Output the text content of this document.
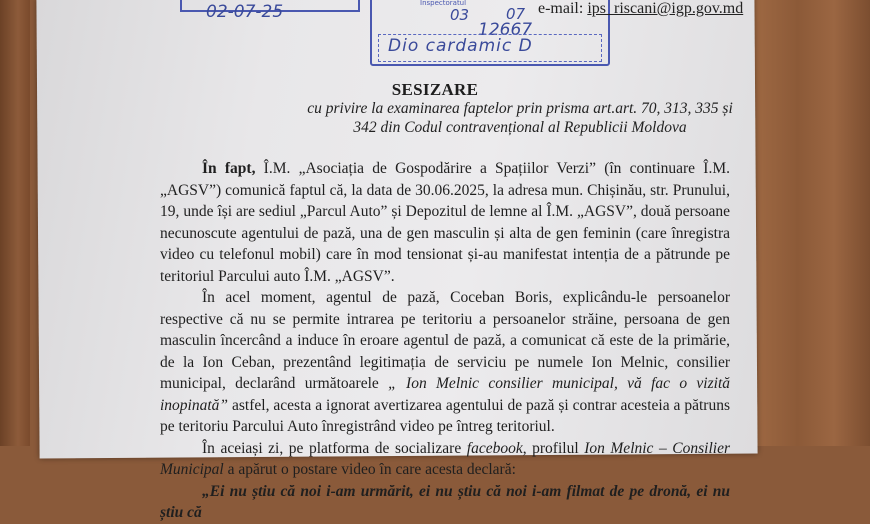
02-07-25	Inspectoratul
03 07
12667
Dio cardamic D
e-mail: ips_riscani@igp.gov.md
SESIZARE
cu privire la examinarea faptelor prin prisma art.art. 70, 313, 335 și 342 din Codul contravențional al Republicii Moldova

În fapt, Î.M. „Asociația de Gospodărire a Spațiilor Verzi” (în continuare Î.M. „AGSV”) comunică faptul că, la data de 30.06.2025, la adresa mun. Chișinău, str. Prunului, 19, unde își are sediul „Parcul Auto” și Depozitul de lemne al Î.M. „AGSV”, două persoane necunoscute agentului de pază, una de gen masculin și alta de gen feminin (care înregistra video cu telefonul mobil) care în mod tensionat și-au manifestat intenția de a pătrunde pe teritoriul Parcului auto Î.M. „AGSV”.

În acel moment, agentul de pază, Coceban Boris, explicându-le persoanelor respective că nu se permite intrarea pe teritoriu a persoanelor străine, persoana de gen masculin încercând a induce în eroare agentul de pază, a comunicat că este de la primărie, de la Ion Ceban, prezentând legitimația de serviciu pe numele Ion Melnic, consilier municipal, declarând următoarele „ Ion Melnic consilier municipal, vă fac o vizită inopinată” astfel, acesta a ignorat avertizarea agentului de pază și contrar acesteia a pătruns pe teritoriu Parcului Auto înregistrând video pe întreg teritoriul.

În aceiași zi, pe platforma de socializare facebook, profilul Ion Melnic – Consilier Municipal a apărut o postare video în care acesta declară:

„Ei nu știu că noi i-am urmărit, ei nu știu că noi i-am filmat de pe dronă, ei nu știu că
